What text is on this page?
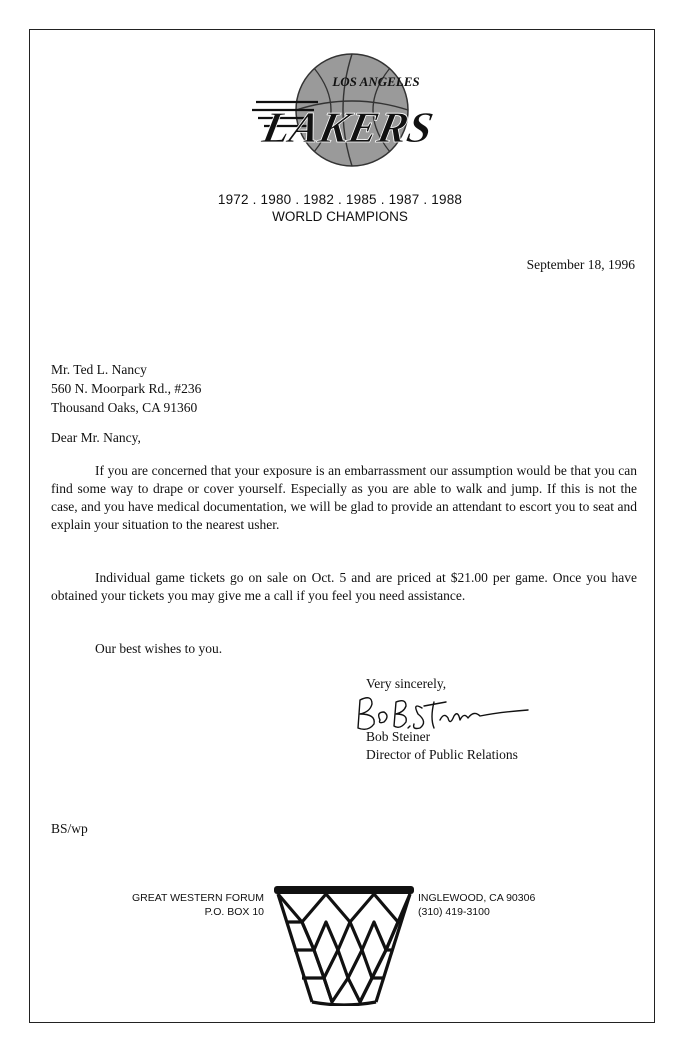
LOS ANGELES
LAKERS
1972 . 1980 . 1982 . 1985 . 1987 . 1988
WORLD CHAMPIONS
September 18, 1996
Mr. Ted L. Nancy
560 N. Moorpark Rd., #236
Thousand Oaks, CA 91360
Dear Mr. Nancy,

If you are concerned that your exposure is an embarrassment our assumption would be that you can find some way to drape or cover yourself. Especially as you are able to walk and jump. If this is not the case, and you have medical documentation, we will be glad to provide an attendant to escort you to seat and explain your situation to the nearest usher.

Individual game tickets go on sale on Oct. 5 and are priced at $21.00 per game. Once you have obtained your tickets you may give me a call if you feel you need assistance.

Our best wishes to you.

Very sincerely,
Bob Steiner
Director of Public Relations
BS/wp
GREAT WESTERN FORUM
P.O. BOX 10
INGLEWOOD, CA 90306
(310) 419-3100
